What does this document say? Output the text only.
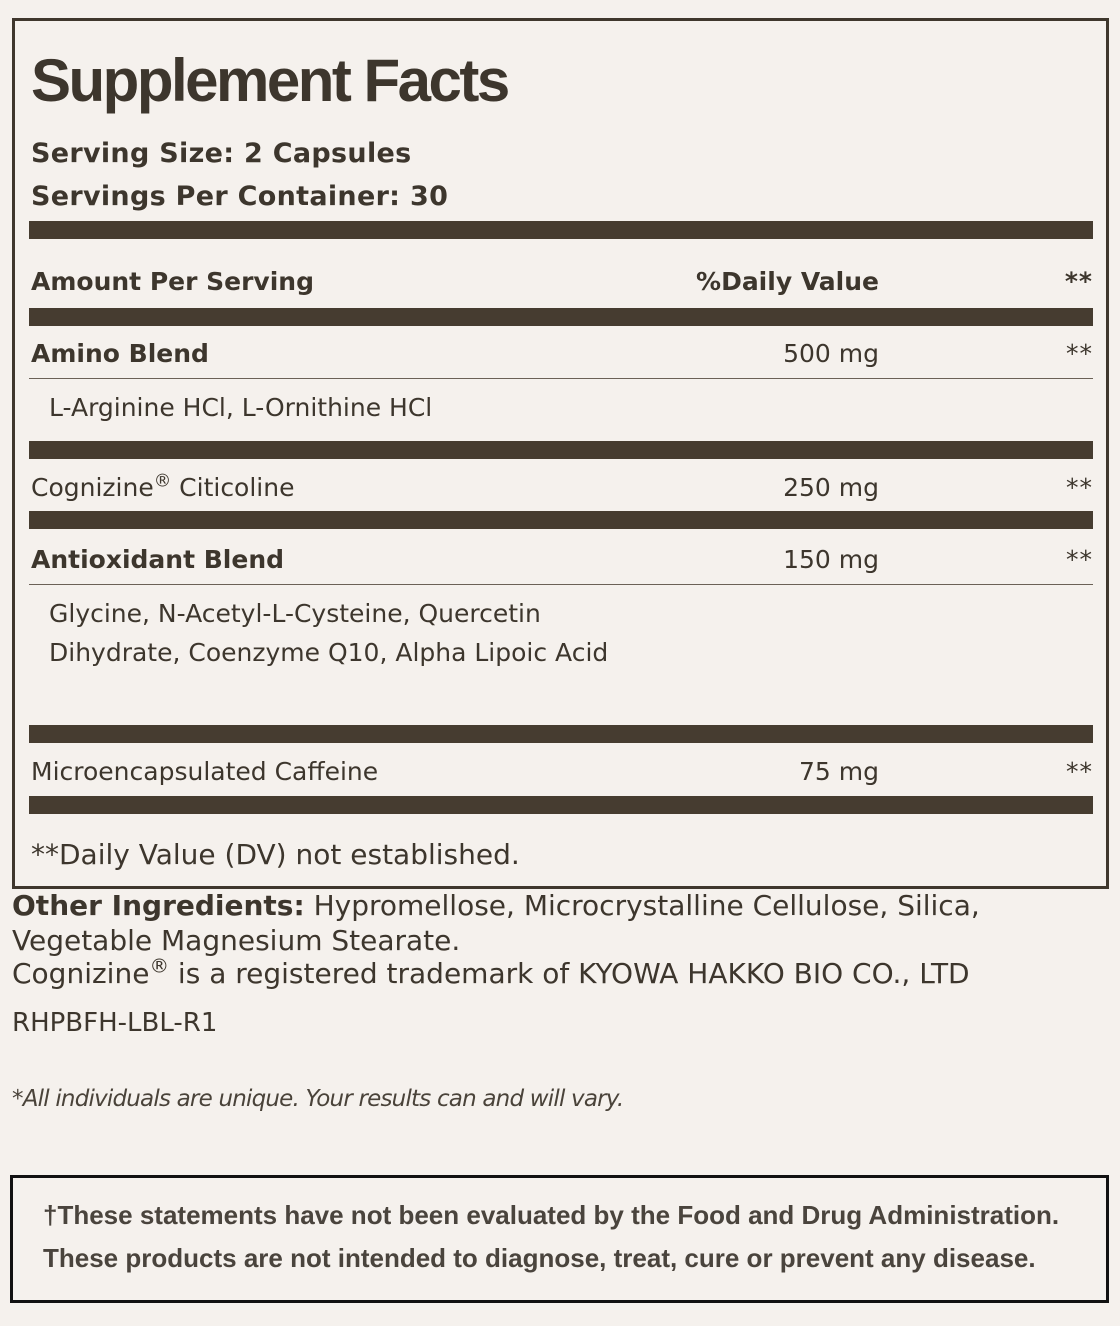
Supplement Facts
Serving Size: 2 Capsules
Servings Per Container: 30
Amount Per Serving	%Daily Value	**
Amino Blend	500 mg	**
L-Arginine HCl, L-Ornithine HCl
Cognizine® Citicoline	250 mg	**
Antioxidant Blend	150 mg	**
Glycine, N-Acetyl-L-Cysteine, Quercetin Dihydrate, Coenzyme Q10, Alpha Lipoic Acid
Microencapsulated Caffeine	75 mg	**
**Daily Value (DV) not established.
Other Ingredients: Hypromellose, Microcrystalline Cellulose, Silica, Vegetable Magnesium Stearate.
Cognizine® is a registered trademark of KYOWA HAKKO BIO CO., LTD
RHPBFH-LBL-R1
*All individuals are unique. Your results can and will vary.
†These statements have not been evaluated by the Food and Drug Administration.
These products are not intended to diagnose, treat, cure or prevent any disease.
